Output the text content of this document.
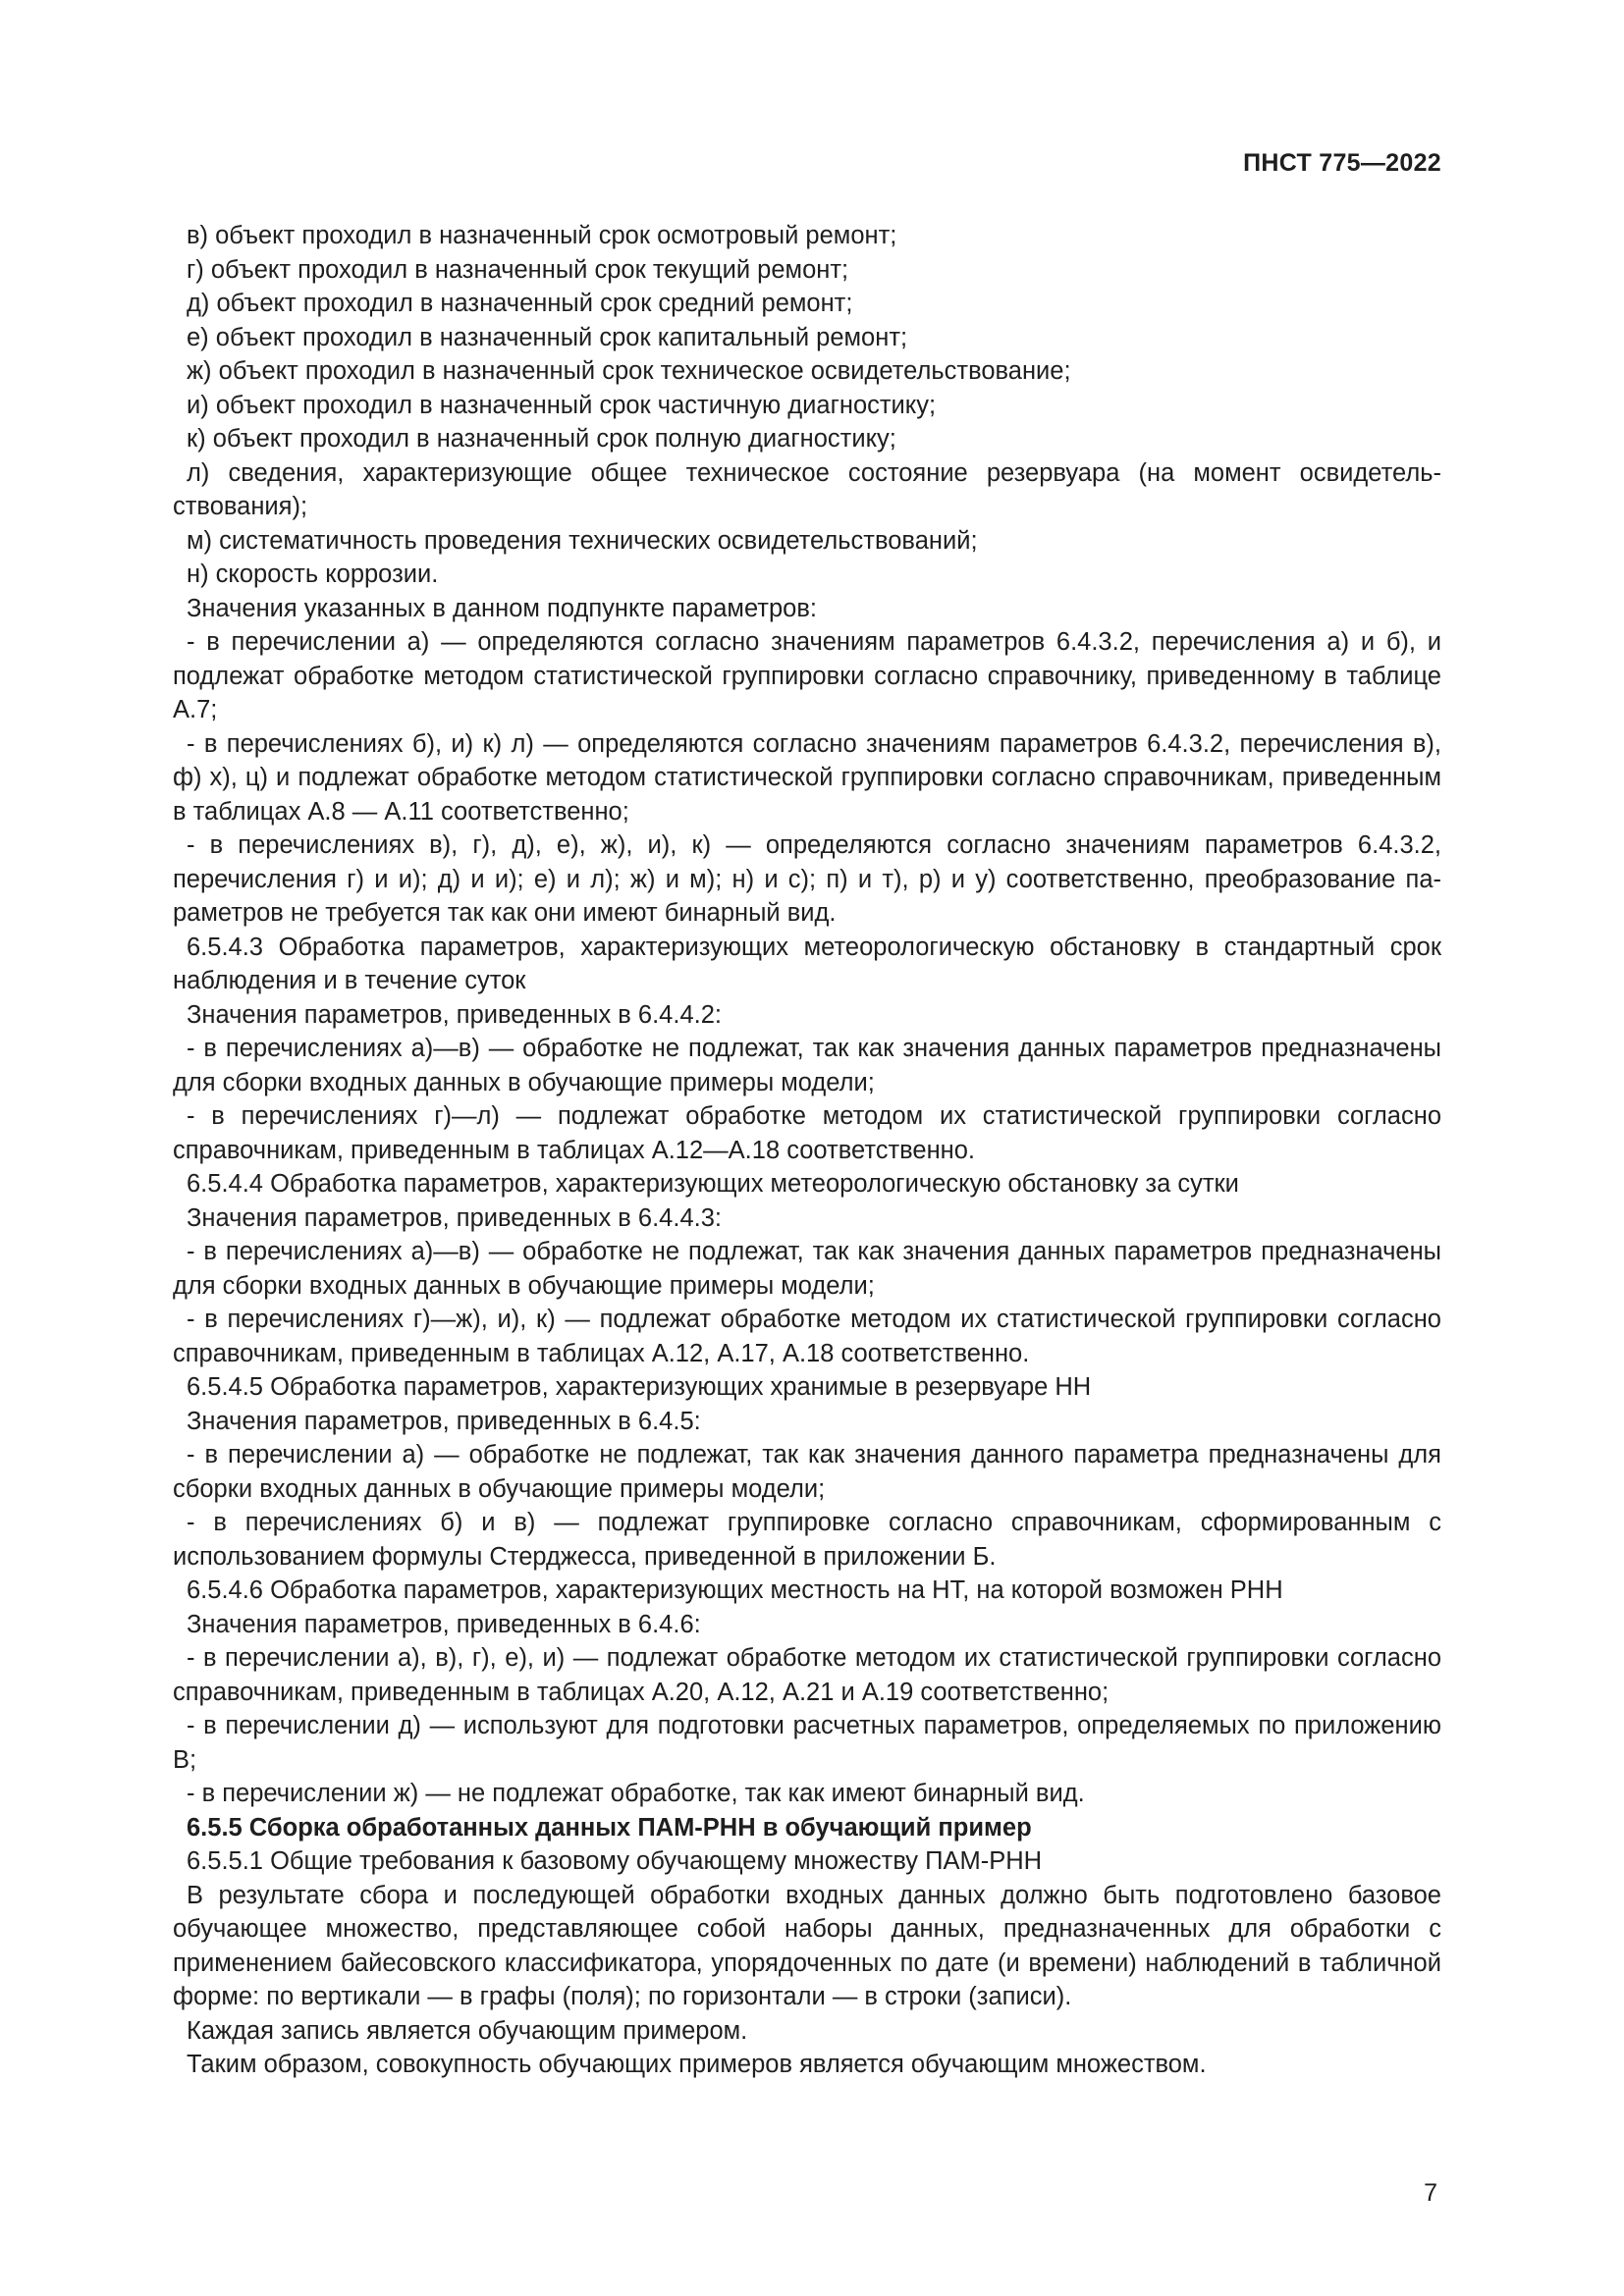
ПНСТ 775—2022

в) объект проходил в назначенный срок осмотровый ремонт;

г) объект проходил в назначенный срок текущий ремонт;

д) объект проходил в назначенный срок средний ремонт;

е) объект проходил в назначенный срок капитальный ремонт;

ж) объект проходил в назначенный срок техническое освидетельствование;

и) объект проходил в назначенный срок частичную диагностику;

к) объект проходил в назначенный срок полную диагностику;

л) сведения, характеризующие общее техническое состояние резервуара (на момент освидетельствования);

м) систематичность проведения технических освидетельствований;

н) скорость коррозии.

Значения указанных в данном подпункте параметров:

- в перечислении а) — определяются согласно значениям параметров 6.4.3.2, перечисления а) и б), и подлежат обработке методом статистической группировки согласно справочнику, приведенному в таблице А.7;

- в перечислениях б), и) к) л) — определяются согласно значениям параметров 6.4.3.2, перечисления в), ф) х), ц) и подлежат обработке методом статистической группировки согласно справочникам, приведенным в таблицах А.8 — А.11 соответственно;

- в перечислениях в), г), д), е), ж), и), к) — определяются согласно значениям параметров 6.4.3.2, перечисления г) и и); д) и и); е) и л); ж) и м); н) и с); п) и т), р) и у) соответственно, преобразование параметров не требуется так как они имеют бинарный вид.

6.5.4.3 Обработка параметров, характеризующих метеорологическую обстановку в стандартный срок наблюдения и в течение суток

Значения параметров, приведенных в 6.4.4.2:

- в перечислениях а)—в) — обработке не подлежат, так как значения данных параметров предназначены для сборки входных данных в обучающие примеры модели;

- в перечислениях г)—л) — подлежат обработке методом их статистической группировки согласно справочникам, приведенным в таблицах А.12—А.18 соответственно.

6.5.4.4 Обработка параметров, характеризующих метеорологическую обстановку за сутки

Значения параметров, приведенных в 6.4.4.3:

- в перечислениях а)—в) — обработке не подлежат, так как значения данных параметров предназначены для сборки входных данных в обучающие примеры модели;

- в перечислениях г)—ж), и), к) — подлежат обработке методом их статистической группировки согласно справочникам, приведенным в таблицах А.12, А.17, А.18 соответственно.

6.5.4.5 Обработка параметров, характеризующих хранимые в резервуаре НН

Значения параметров, приведенных в 6.4.5:

- в перечислении а) — обработке не подлежат, так как значения данного параметра предназначены для сборки входных данных в обучающие примеры модели;

- в перечислениях б) и в) — подлежат группировке согласно справочникам, сформированным с использованием формулы Стерджесса, приведенной в приложении Б.

6.5.4.6 Обработка параметров, характеризующих местность на НТ, на которой возможен РНН

Значения параметров, приведенных в 6.4.6:

- в перечислении а), в), г), е), и) — подлежат обработке методом их статистической группировки согласно справочникам, приведенным в таблицах А.20, А.12, А.21 и А.19 соответственно;

- в перечислении д) — используют для подготовки расчетных параметров, определяемых по приложению В;

- в перечислении ж) — не подлежат обработке, так как имеют бинарный вид.

6.5.5 Сборка обработанных данных ПАМ-РНН в обучающий пример

6.5.5.1 Общие требования к базовому обучающему множеству ПАМ-РНН

В результате сбора и последующей обработки входных данных должно быть подготовлено базовое обучающее множество, представляющее собой наборы данных, предназначенных для обработки с применением байесовского классификатора, упорядоченных по дате (и времени) наблюдений в табличной форме: по вертикали — в графы (поля); по горизонтали — в строки (записи).

Каждая запись является обучающим примером.

Таким образом, совокупность обучающих примеров является обучающим множеством.

7
